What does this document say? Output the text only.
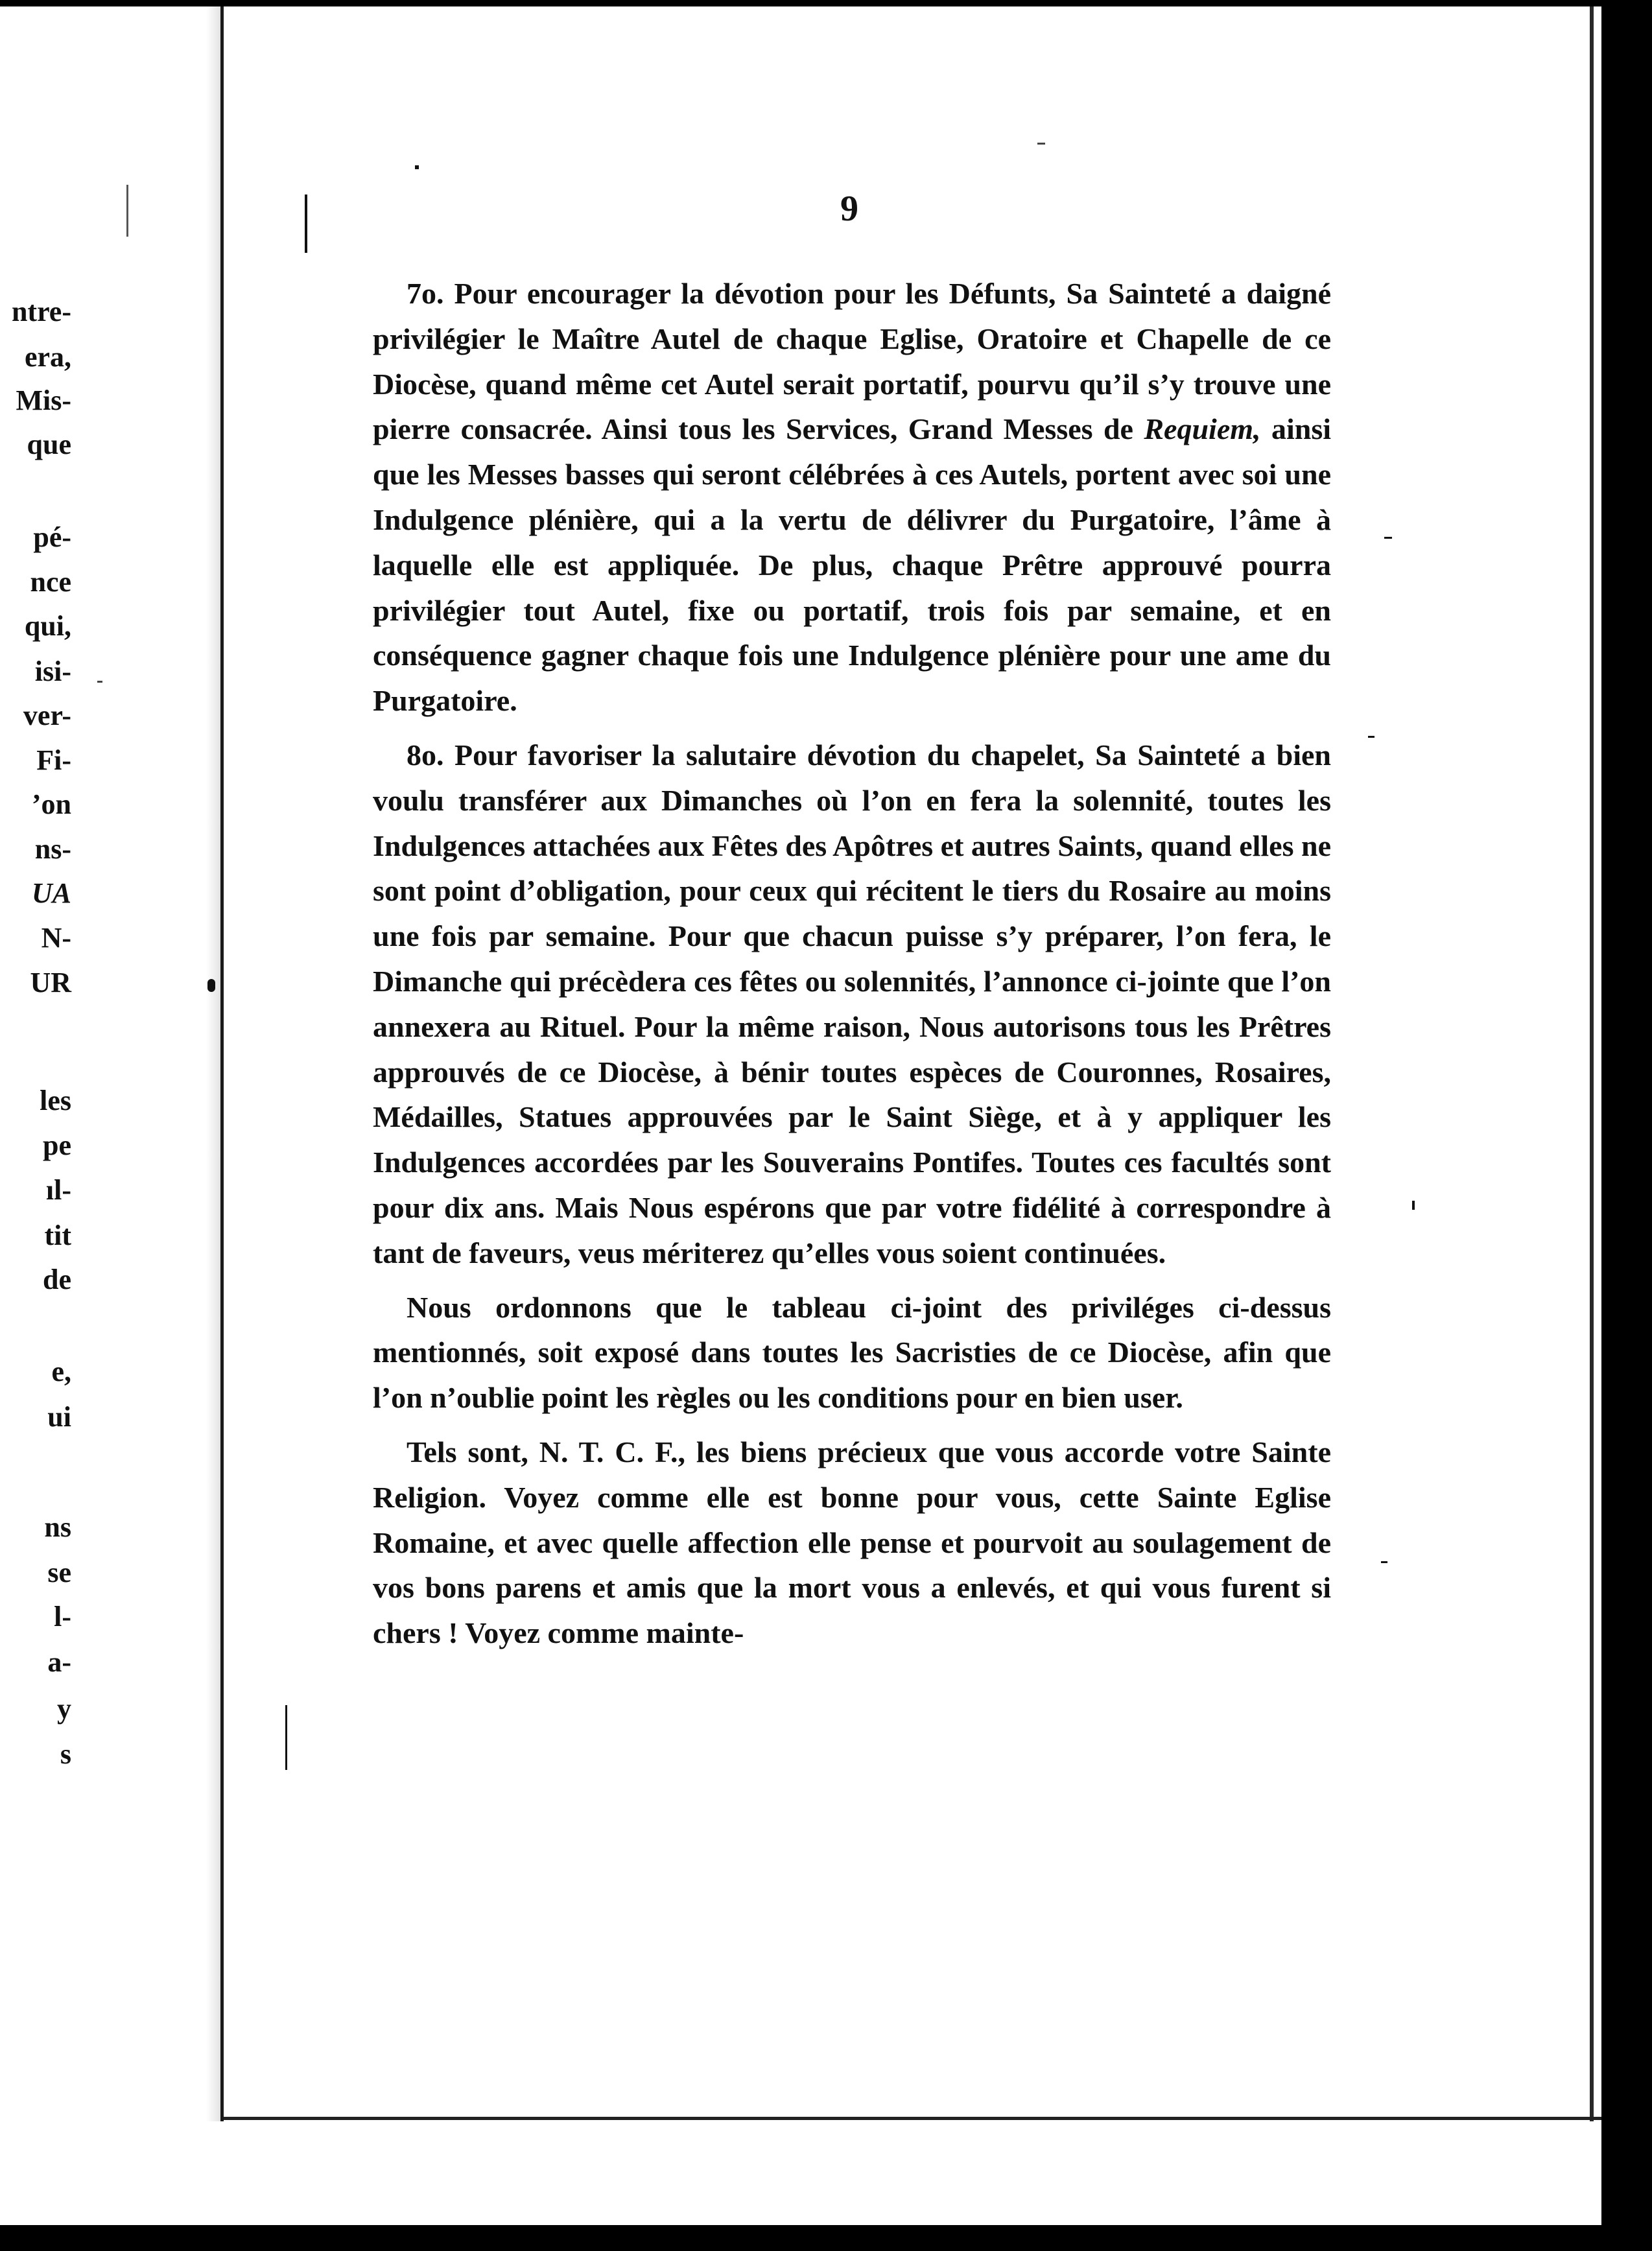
ntre-
era,
Mis-
que
pé-
nce
qui,
isi-
ver-
Fi-
’on
ns-
UA
N-
UR
les
pe
ıl-
tit
de
e,
ui
ns
se
l-
a-
y
s
9

7o. Pour encourager la dévotion pour les Défunts, Sa Sainteté a daigné privilégier le Maître Autel de chaque Eglise, Oratoire et Chapelle de ce Diocèse, quand même cet Autel serait portatif, pourvu qu’il s’y trouve une pierre consacrée. Ainsi tous les Services, Grand Messes de Requiem, ainsi que les Messes basses qui seront célébrées à ces Autels, portent avec soi une Indulgence plénière, qui a la vertu de délivrer du Purgatoire, l’âme à laquelle elle est appliquée. De plus, chaque Prêtre approuvé pourra privilégier tout Autel, fixe ou portatif, trois fois par semaine, et en conséquence gagner chaque fois une Indulgence plénière pour une ame du Purgatoire.

8o. Pour favoriser la salutaire dévotion du chapelet, Sa Sainteté a bien voulu transférer aux Dimanches où l’on en fera la solennité, toutes les Indulgences attachées aux Fêtes des Apôtres et autres Saints, quand elles ne sont point d’obligation, pour ceux qui récitent le tiers du Rosaire au moins une fois par semaine. Pour que chacun puisse s’y préparer, l’on fera, le Dimanche qui précèdera ces fêtes ou solennités, l’annonce ci-jointe que l’on annexera au Rituel. Pour la même raison, Nous autorisons tous les Prêtres approuvés de ce Diocèse, à bénir toutes espèces de Couronnes, Rosaires, Médailles, Statues approuvées par le Saint Siège, et à y appliquer les Indulgences accordées par les Souverains Pontifes. Toutes ces facultés sont pour dix ans. Mais Nous espérons que par votre fidélité à correspondre à tant de faveurs, veus mériterez qu’elles vous soient continuées.

Nous ordonnons que le tableau ci-joint des priviléges ci-dessus mentionnés, soit exposé dans toutes les Sacristies de ce Diocèse, afin que l’on n’oublie point les règles ou les conditions pour en bien user.

Tels sont, N. T. C. F., les biens précieux que vous accorde votre Sainte Religion. Voyez comme elle est bonne pour vous, cette Sainte Eglise Romaine, et avec quelle affection elle pense et pourvoit au soulagement de vos bons parens et amis que la mort vous a enlevés, et qui vous furent si chers ! Voyez comme mainte-
